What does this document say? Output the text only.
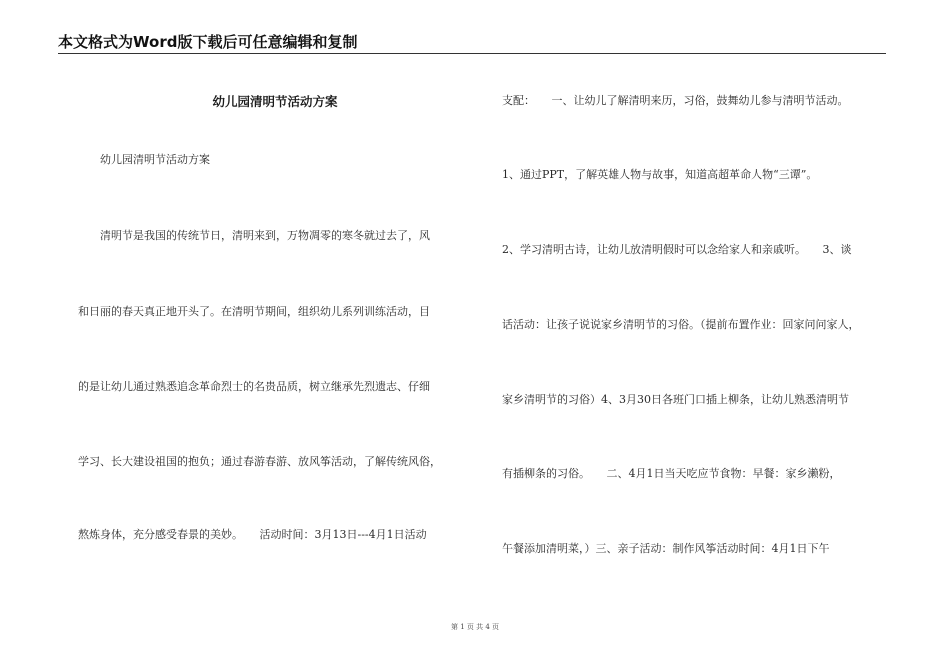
本文格式为Word版下载后可任意编辑和复制
幼儿园清明节活动方案
幼儿园清明节活动方案
清明节是我国的传统节日，清明来到，万物凋零的寒冬就过去了，风
和日丽的春天真正地开头了。在清明节期间，组织幼儿系列训练活动，目
的是让幼儿通过熟悉追念革命烈士的名贵品质，树立继承先烈遗志、仔细
学习、长大建设祖国的抱负；通过春游春游、放风筝活动，了解传统风俗，
熬炼身体，充分感受春景的美妙。　　活动时间：3月13日---4月1日活动
支配：　　一、让幼儿了解清明来历，习俗，鼓舞幼儿参与清明节活动。
1、通过PPT，了解英雄人物与故事，知道高超革命人物“三谭”。
2、学习清明古诗，让幼儿放清明假时可以念给家人和亲戚听。　　3、谈
话活动：让孩子说说家乡清明节的习俗。（提前布置作业：回家问问家人，
家乡清明节的习俗）4、3月30日各班门口插上柳条，让幼儿熟悉清明节
有插柳条的习俗。　　二、4月1日当天吃应节食物：早餐：家乡濑粉，
午餐添加清明菜，）三、亲子活动：制作风筝活动时间：4月1日下午
第 1 页 共 4 页
